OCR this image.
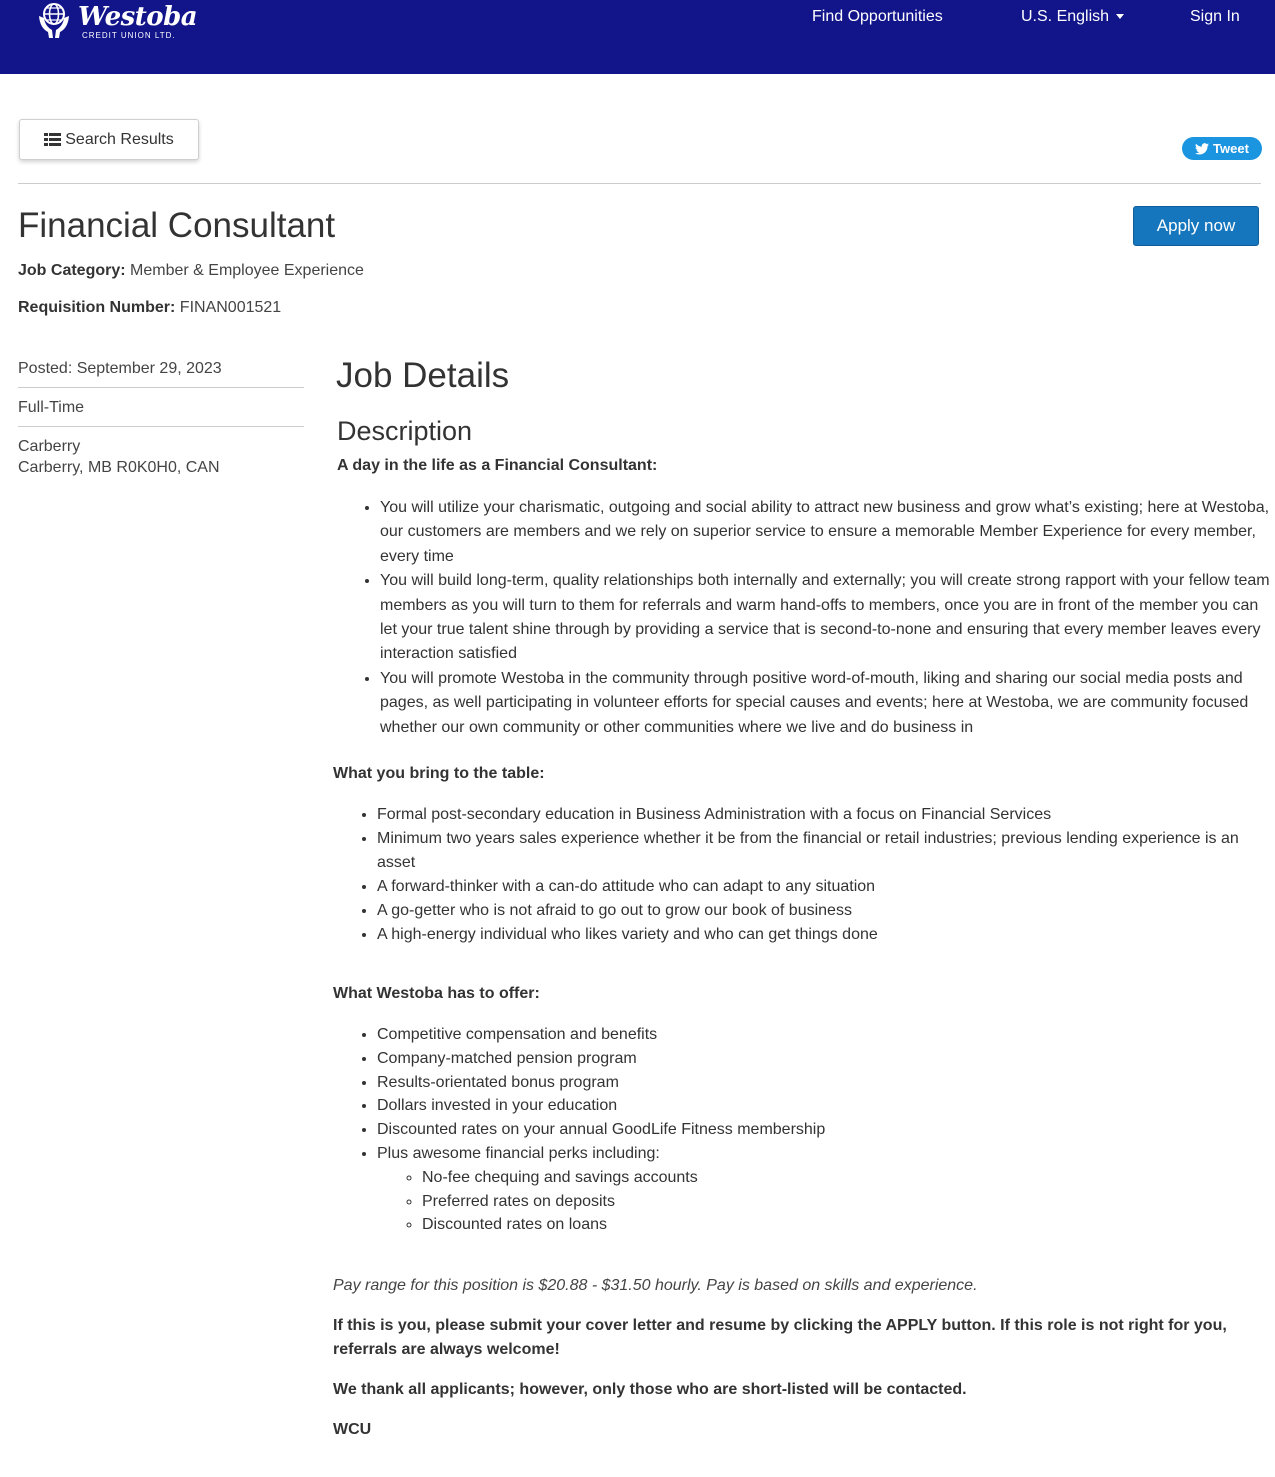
Westoba
CREDIT UNION LTD.
Find Opportunities	U.S. English	Sign In
Search Results
Tweet
Financial Consultant	Apply now
Job Category: Member & Employee Experience
Requisition Number: FINAN001521
Posted: September 29, 2023
Full-Time
Carberry
Carberry, MB R0K0H0, CAN
Job Details
Description

A day in the life as a Financial Consultant:

• You will utilize your charismatic, outgoing and social ability to attract new business and grow what’s existing; here at Westoba, our customers are members and we rely on superior service to ensure a memorable Member Experience for every member, every time
• You will build long-term, quality relationships both internally and externally; you will create strong rapport with your fellow team members as you will turn to them for referrals and warm hand-offs to members, once you are in front of the member you can let your true talent shine through by providing a service that is second-to-none and ensuring that every member leaves every interaction satisfied
• You will promote Westoba in the community through positive word-of-mouth, liking and sharing our social media posts and pages, as well participating in volunteer efforts for special causes and events; here at Westoba, we are community focused whether our own community or other communities where we live and do business in

What you bring to the table:

• Formal post-secondary education in Business Administration with a focus on Financial Services
• Minimum two years sales experience whether it be from the financial or retail industries; previous lending experience is an asset
• A forward-thinker with a can-do attitude who can adapt to any situation
• A go-getter who is not afraid to go out to grow our book of business
• A high-energy individual who likes variety and who can get things done

What Westoba has to offer:

• Competitive compensation and benefits
• Company-matched pension program
• Results-orientated bonus program
• Dollars invested in your education
• Discounted rates on your annual GoodLife Fitness membership
• Plus awesome financial perks including:
◦ No-fee chequing and savings accounts
◦ Preferred rates on deposits
◦ Discounted rates on loans

Pay range for this position is $20.88 - $31.50 hourly. Pay is based on skills and experience.

If this is you, please submit your cover letter and resume by clicking the APPLY button. If this role is not right for you, referrals are always welcome!

We thank all applicants; however, only those who are short-listed will be contacted.

WCU
